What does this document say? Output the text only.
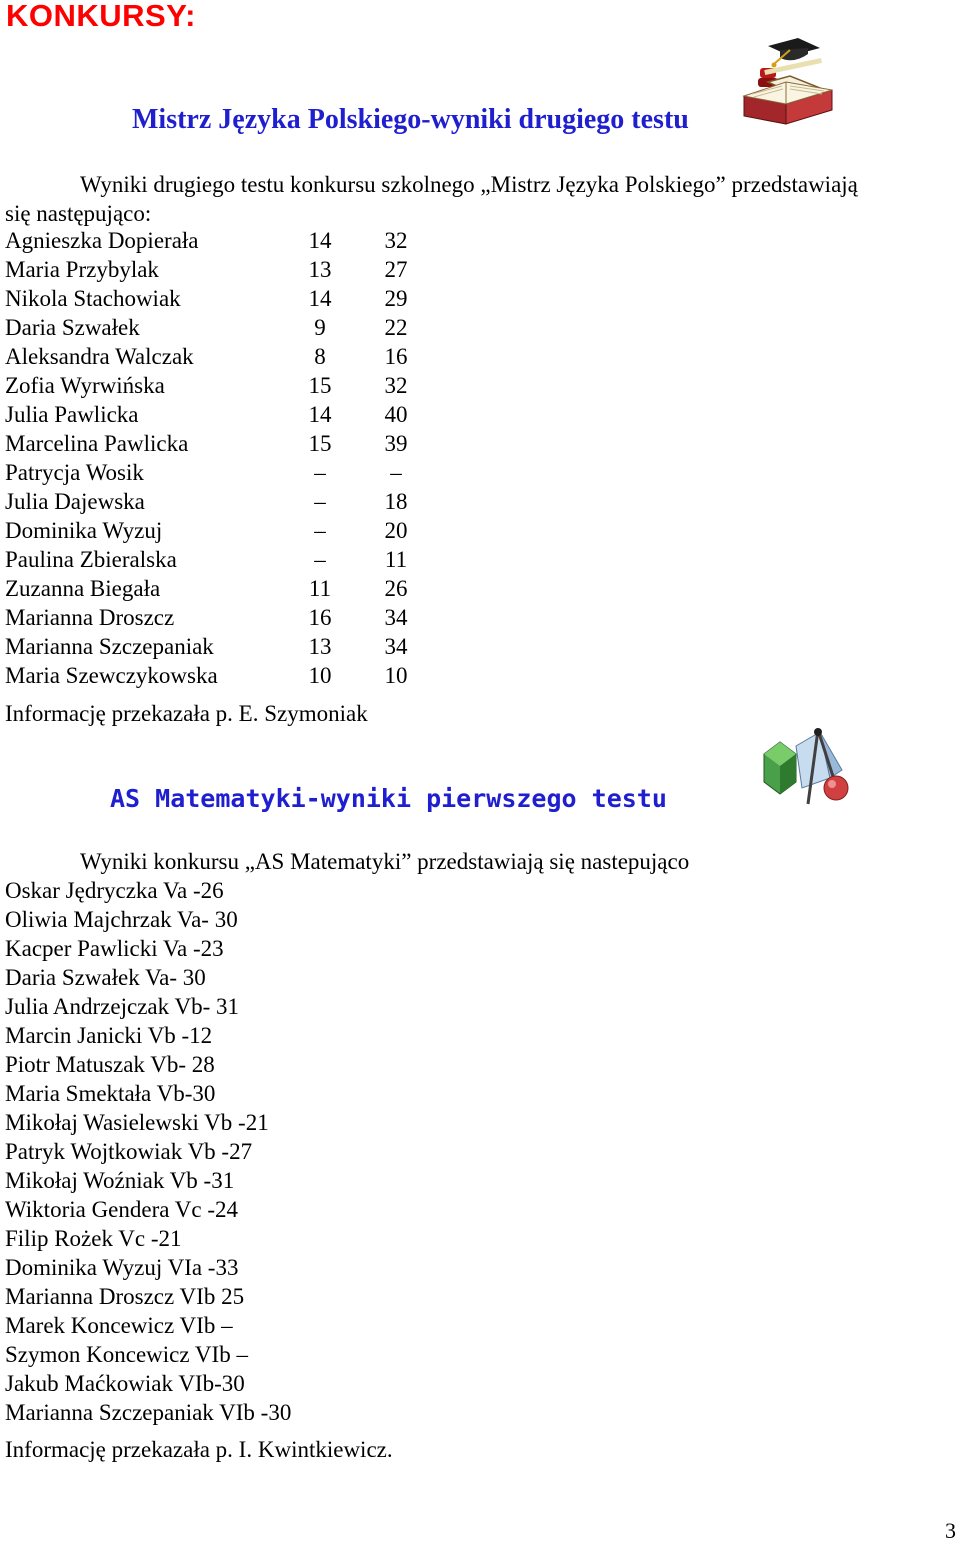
KONKURSY:
Mistrz Języka Polskiego-wyniki drugiego testu
Wyniki drugiego testu konkursu szkolnego „Mistrz Języka Polskiego” przedstawiają
się następująco:
Agnieszka Dopierała	14	32
Maria Przybylak	13	27
Nikola Stachowiak	14	29
Daria Szwałek	9	22
Aleksandra Walczak	8	16
Zofia Wyrwińska	15	32
Julia Pawlicka	14	40
Marcelina Pawlicka	15	39
Patrycja Wosik	–	–
Julia Dajewska	–	18
Dominika Wyzuj	–	20
Paulina Zbieralska	–	11
Zuzanna Biegała	11	26
Marianna Droszcz	16	34
Marianna Szczepaniak	13	34
Maria Szewczykowska	10	10
Informację przekazała p. E. Szymoniak
AS Matematyki-wyniki pierwszego testu
Wyniki konkursu „AS Matematyki” przedstawiają się nastepująco
Oskar Jędryczka Va -26
Oliwia Majchrzak Va- 30
Kacper Pawlicki Va -23
Daria Szwałek Va- 30
Julia Andrzejczak Vb- 31
Marcin Janicki Vb -12
Piotr Matuszak Vb- 28
Maria Smektała Vb-30
Mikołaj Wasielewski Vb -21
Patryk Wojtkowiak Vb -27
Mikołaj Woźniak Vb -31
Wiktoria Gendera Vc -24
Filip Rożek Vc -21
Dominika Wyzuj VIa -33
Marianna Droszcz VIb 25
Marek Koncewicz VIb –
Szymon Koncewicz VIb –
Jakub Maćkowiak VIb-30
Marianna Szczepaniak VIb -30
Informację przekazała p. I. Kwintkiewicz.
3
